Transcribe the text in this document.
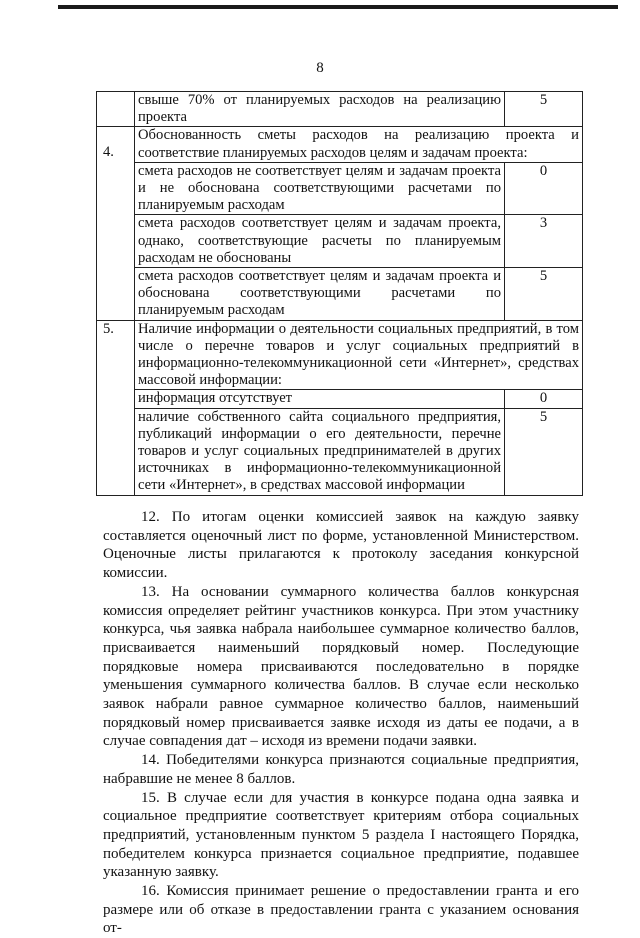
8
	свыше 70% от планируемых расходов на реализацию проекта	5

4.	Обоснованность сметы расходов на реализацию проекта и соответствие планируемых расходов целям и задачам проекта:	
	смета расходов не соответствует целям и задачам проекта и не обоснована соответствующими расчетами по планируемым расходам	0
	смета расходов соответствует целям и задачам проекта, однако, соответствующие расчеты по планируемым расходам не обоснованы	3
	смета расходов соответствует целям и задачам проекта и обоснована соответствующими расчетами по планируемым расходам	5
5.	Наличие информации о деятельности социальных предприятий, в том числе о перечне товаров и услуг социальных предприятий в информационно-телекоммуникационной сети «Интернет», средствах массовой информации:	
	информация отсутствует	0
	наличие собственного сайта социального предприятия, публикаций информации о его деятельности, перечне товаров и услуг социальных предпринимателей в других источниках в информационно-телекоммуникационной сети «Интернет», в средствах массовой информации	5

12. По итогам оценки комиссией заявок на каждую заявку составляется оценочный лист по форме, установленной Министерством. Оценочные листы прилагаются к протоколу заседания конкурсной комиссии.

13. На основании суммарного количества баллов конкурсная комиссия определяет рейтинг участников конкурса. При этом участнику конкурса, чья заявка набрала наибольшее суммарное количество баллов, присваивается наименьший порядковый номер. Последующие порядковые номера присваиваются последовательно в порядке уменьшения суммарного количества баллов. В случае если несколько заявок набрали равное суммарное количество баллов, наименьший порядковый номер присваивается заявке исходя из даты ее подачи, а в случае совпадения дат – исходя из времени подачи заявки.

14. Победителями конкурса признаются социальные предприятия, набравшие не менее 8 баллов.

15. В случае если для участия в конкурсе подана одна заявка и социальное предприятие соответствует критериям отбора социальных предприятий, установленным пунктом 5 раздела I настоящего Порядка, победителем конкурса признается социальное предприятие, подавшее указанную заявку.

16. Комиссия принимает решение о предоставлении гранта и его размере или об отказе в предоставлении гранта с указанием основания от-
